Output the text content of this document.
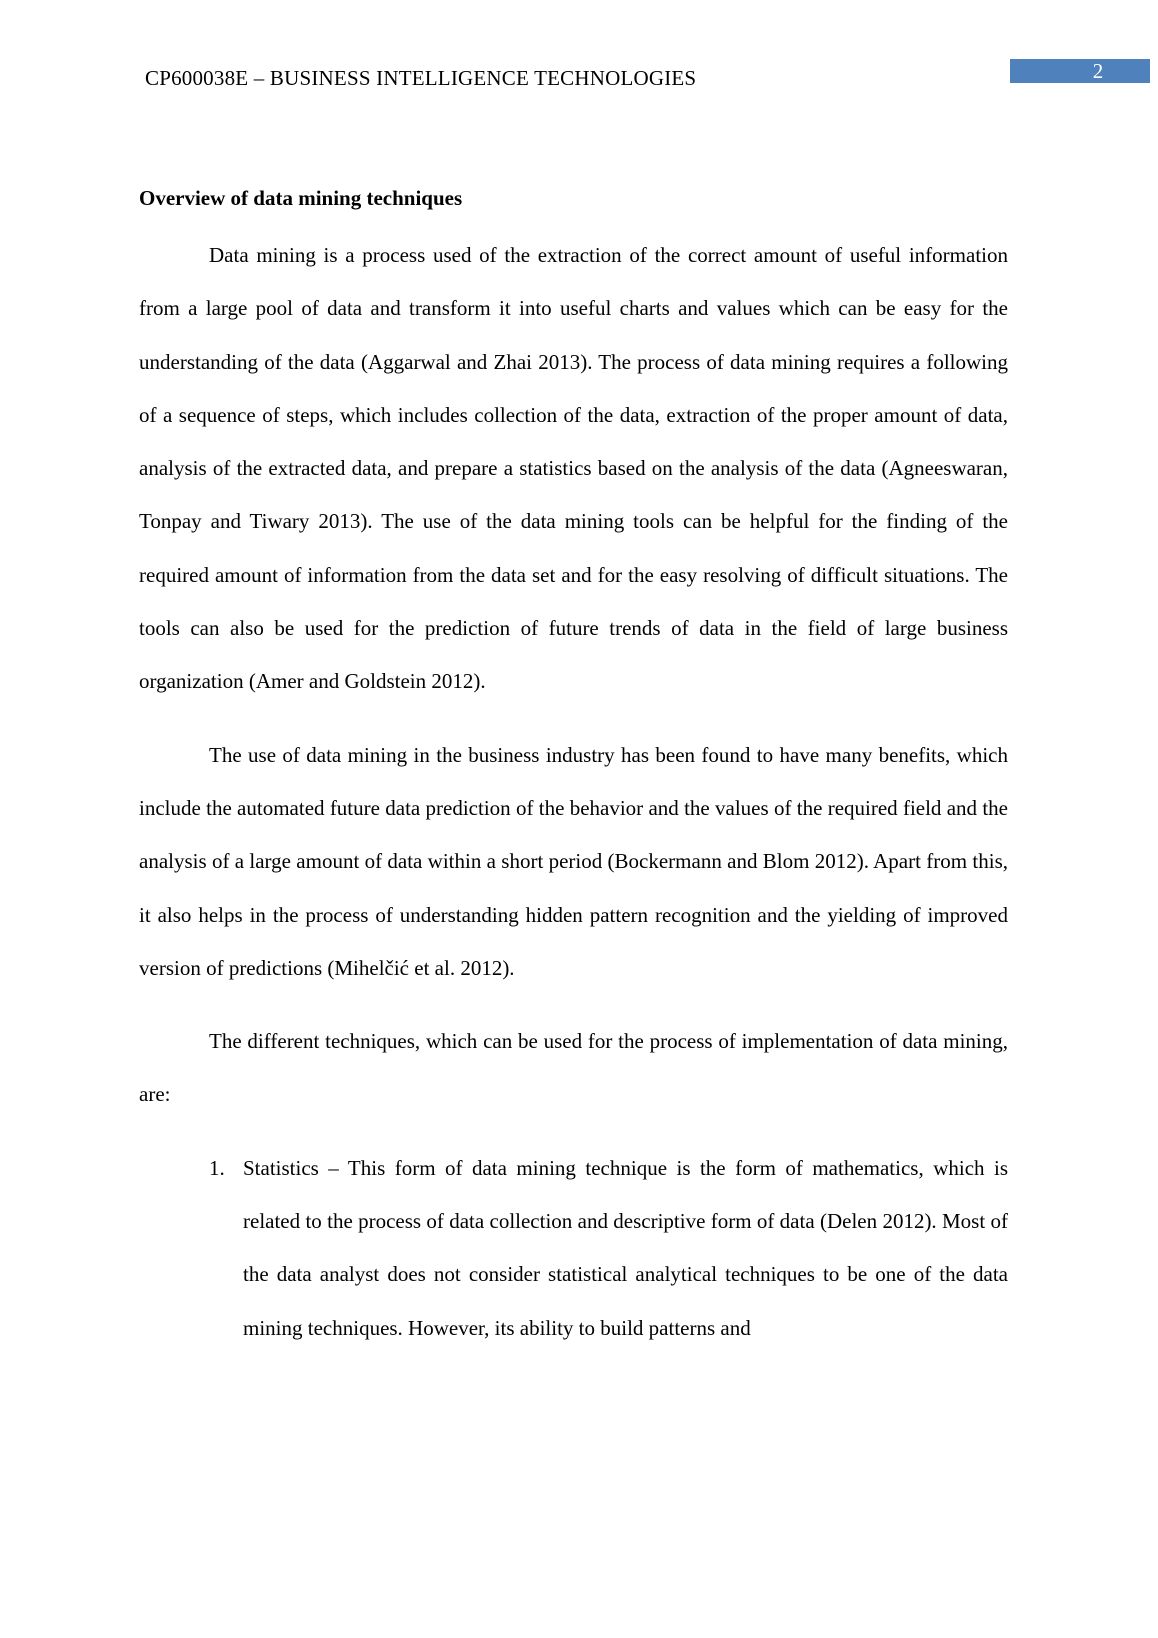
CP600038E – BUSINESS INTELLIGENCE TECHNOLOGIES	2
Overview of data mining techniques

Data mining is a process used of the extraction of the correct amount of useful information from a large pool of data and transform it into useful charts and values which can be easy for the understanding of the data (Aggarwal and Zhai 2013). The process of data mining requires a following of a sequence of steps, which includes collection of the data, extraction of the proper amount of data, analysis of the extracted data, and prepare a statistics based on the analysis of the data (Agneeswaran, Tonpay and Tiwary 2013). The use of the data mining tools can be helpful for the finding of the required amount of information from the data set and for the easy resolving of difficult situations. The tools can also be used for the prediction of future trends of data in the field of large business organization (Amer and Goldstein 2012).

The use of data mining in the business industry has been found to have many benefits, which include the automated future data prediction of the behavior and the values of the required field and the analysis of a large amount of data within a short period (Bockermann and Blom 2012). Apart from this, it also helps in the process of understanding hidden pattern recognition and the yielding of improved version of predictions (Mihelčić et al. 2012).

The different techniques, which can be used for the process of implementation of data mining, are:

1. Statistics – This form of data mining technique is the form of mathematics, which is related to the process of data collection and descriptive form of data (Delen 2012). Most of the data analyst does not consider statistical analytical techniques to be one of the data mining techniques. However, its ability to build patterns and
